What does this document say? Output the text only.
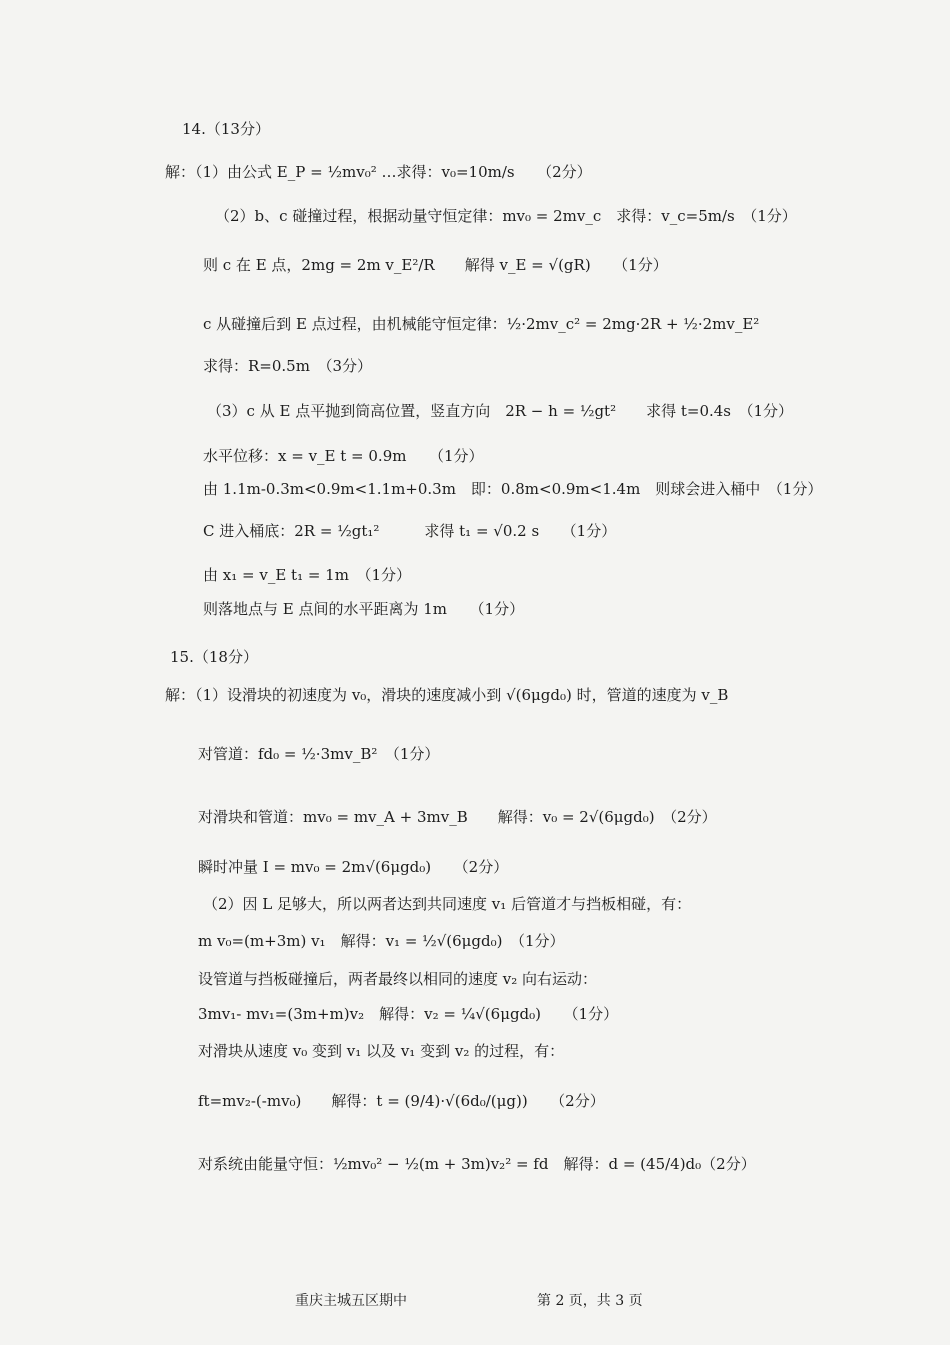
14.（13分）
解：（1）由公式 E_P = ½mv₀² …求得：v₀=10m/s　　（2分）
（2）b、c 碰撞过程，根据动量守恒定律：mv₀ = 2mv_c　求得：v_c=5m/s　（1分）
则 c 在 E 点，2mg = 2m v_E²/R　　解得 v_E = √(gR)　　（1分）
c 从碰撞后到 E 点过程，由机械能守恒定律：½·2mv_c² = 2mg·2R + ½·2mv_E²
求得：R=0.5m　（3分）
（3）c 从 E 点平抛到筒高位置，竖直方向　2R − h = ½gt²　　求得 t=0.4s　（1分）
水平位移：x = v_E t = 0.9m　　（1分）
由 1.1m-0.3m<0.9m<1.1m+0.3m　即：0.8m<0.9m<1.4m　则球会进入桶中　（1分）
C 进入桶底：2R = ½gt₁²　　　求得 t₁ = √0.2 s　　（1分）
由 x₁ = v_E t₁ = 1m　（1分）
则落地点与 E 点间的水平距离为 1m　　（1分）
15.（18分）
解：（1）设滑块的初速度为 v₀，滑块的速度减小到 √(6μgd₀) 时，管道的速度为 v_B
对管道：fd₀ = ½·3mv_B²　（1分）
对滑块和管道：mv₀ = mv_A + 3mv_B　　解得：v₀ = 2√(6μgd₀)　（2分）
瞬时冲量 I = mv₀ = 2m√(6μgd₀)　　（2分）
（2）因 L 足够大，所以两者达到共同速度 v₁ 后管道才与挡板相碰，有：
m v₀=(m+3m) v₁　解得：v₁ = ½√(6μgd₀)　（1分）
设管道与挡板碰撞后，两者最终以相同的速度 v₂ 向右运动：
3mv₁- mv₁=(3m+m)v₂　解得：v₂ = ¼√(6μgd₀)　　（1分）
对滑块从速度 v₀ 变到 v₁ 以及 v₁ 变到 v₂ 的过程，有：
ft=mv₂-(-mv₀)　　解得：t = (9/4)·√(6d₀/(μg))　　（2分）
对系统由能量守恒：½mv₀² − ½(m + 3m)v₂² = fd　解得：d = (45/4)d₀（2分）
重庆主城五区期中	第 2 页，共 3 页
